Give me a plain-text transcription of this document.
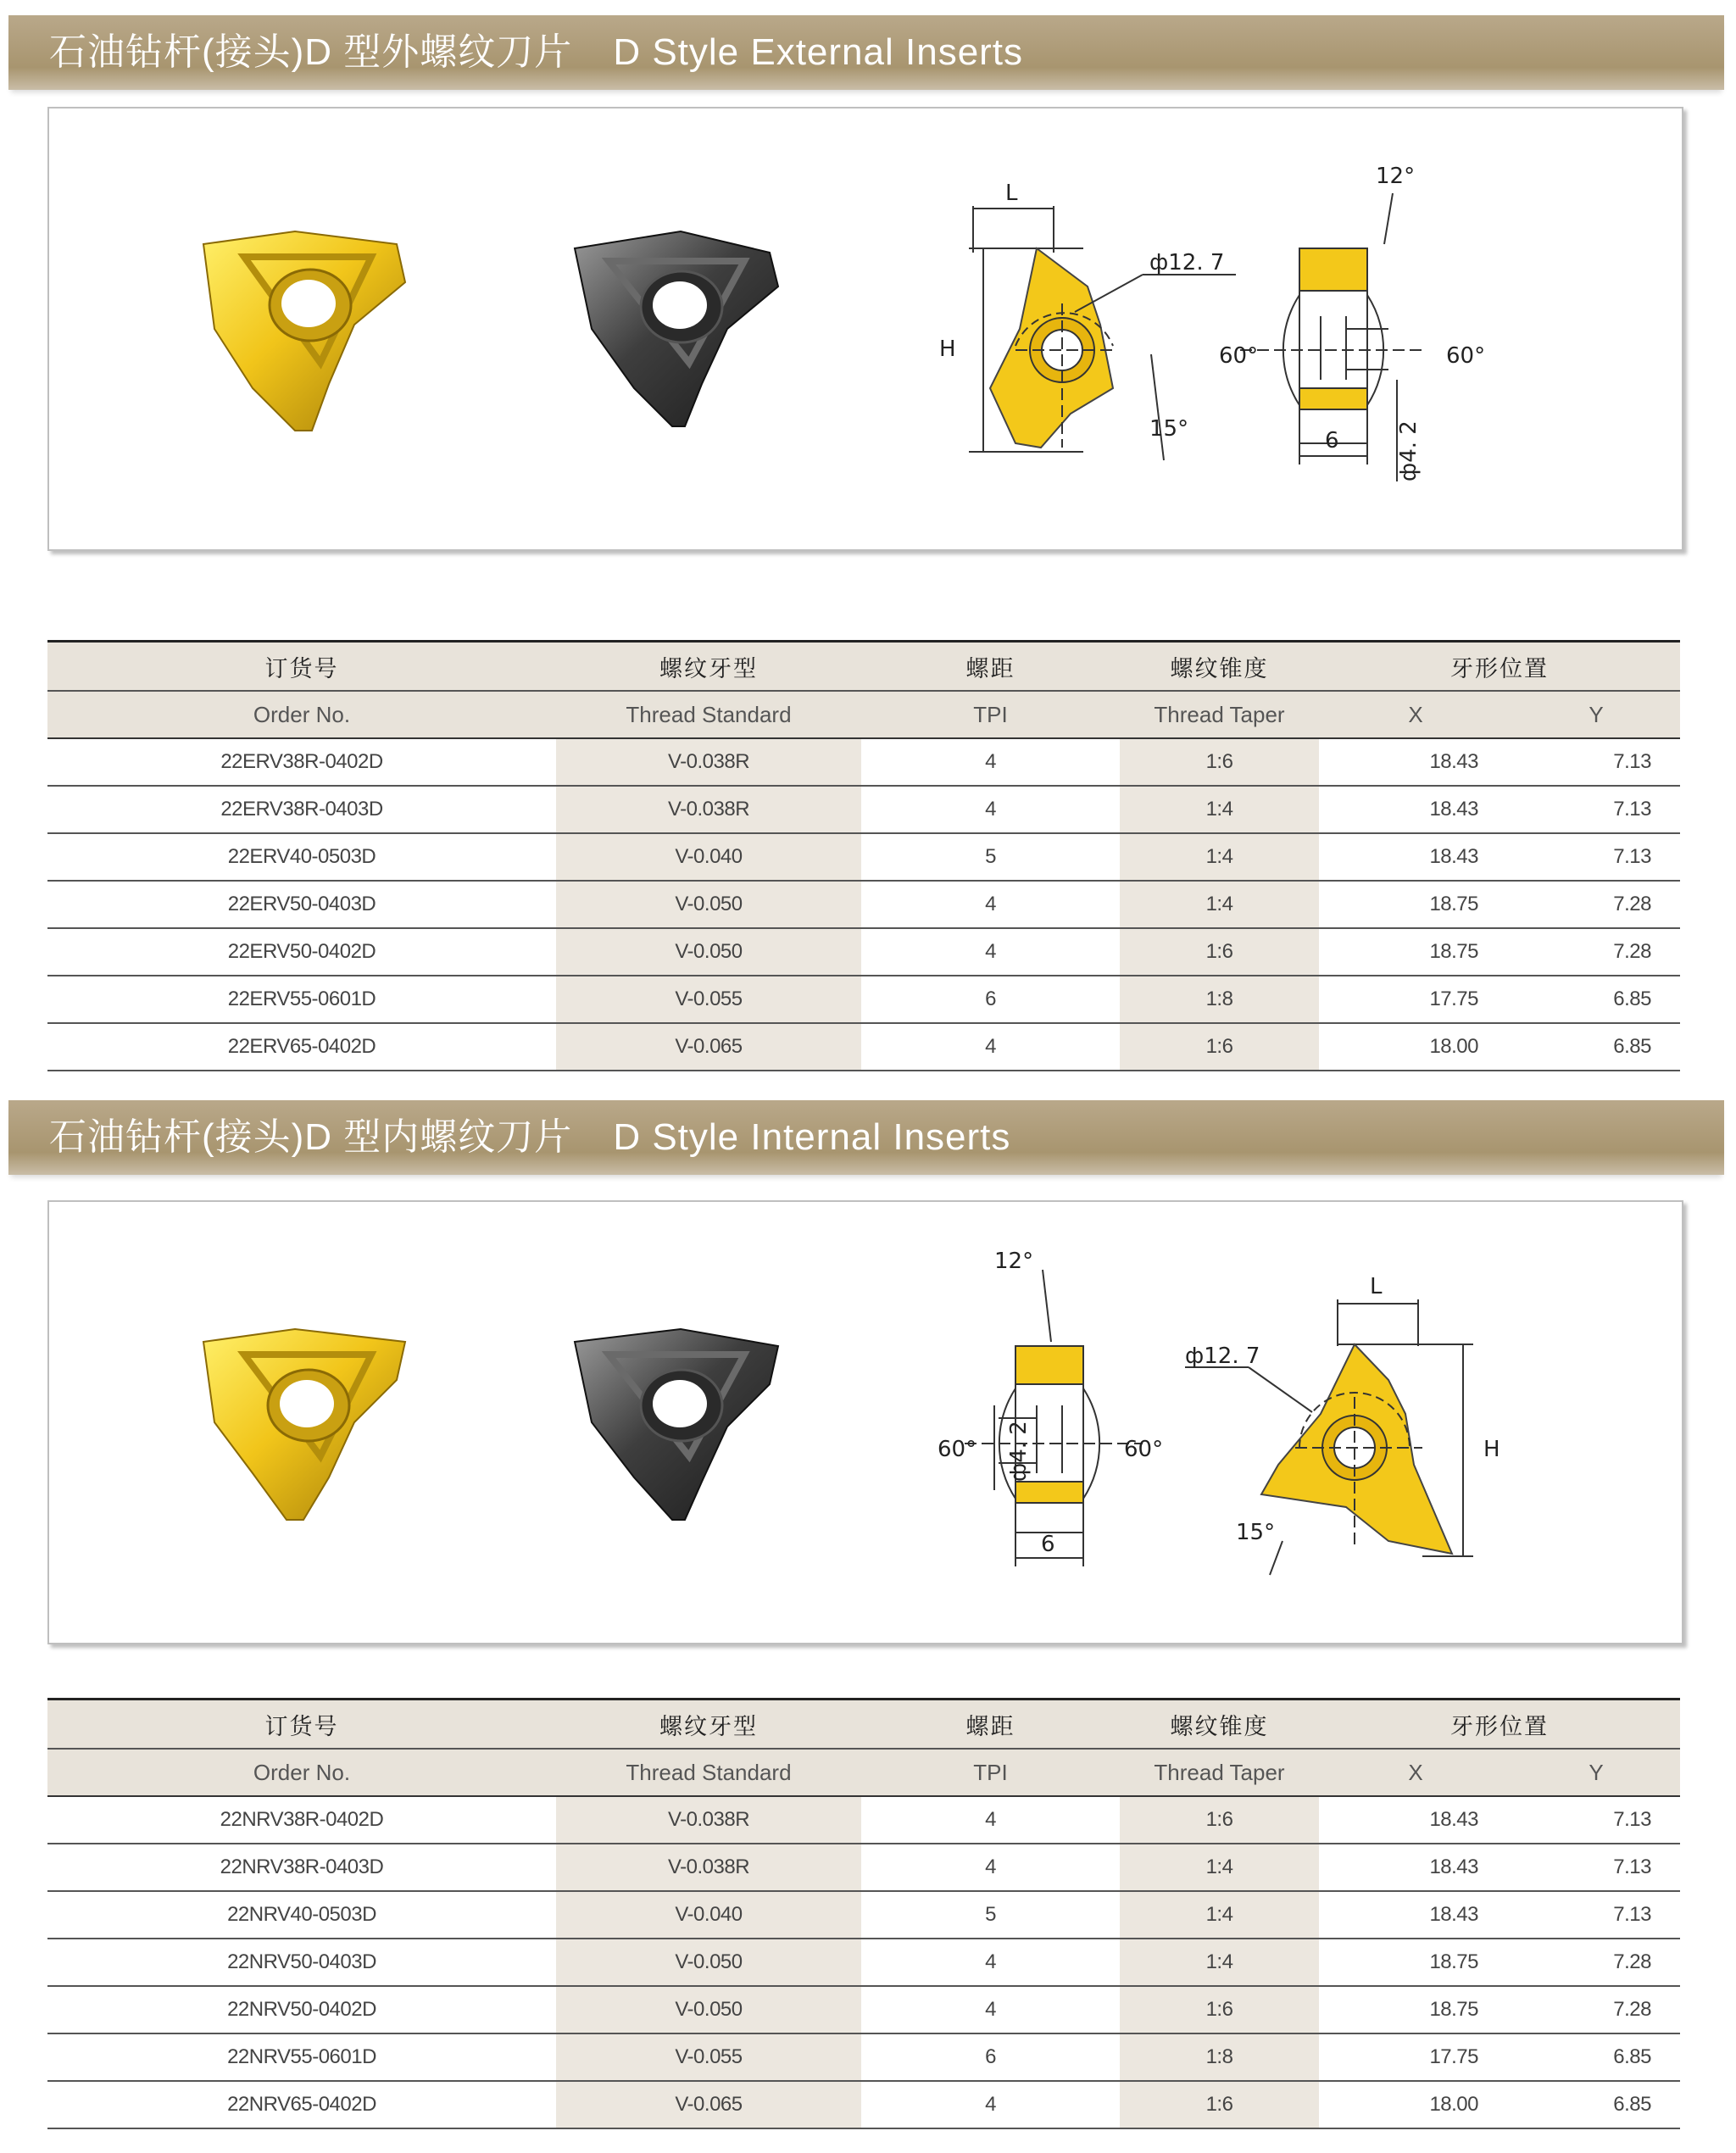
石油钻杆(接头)D 型外螺纹刀片 D Style External Inserts
L
H
ф12. 7
15°
12°
60°	60°
6	ф4. 2
订货号	螺纹牙型	螺距	螺纹锥度	牙形位置	
Order No.	Thread Standard	TPI	Thread Taper	X	Y
22ERV38R-0402D	V-0.038R	4	1:6	18.43	7.13
22ERV38R-0403D	V-0.038R	4	1:4	18.43	7.13
22ERV40-0503D	V-0.040	5	1:4	18.43	7.13
22ERV50-0403D	V-0.050	4	1:4	18.75	7.28
22ERV50-0402D	V-0.050	4	1:6	18.75	7.28
22ERV55-0601D	V-0.055	6	1:8	17.75	6.85
22ERV65-0402D	V-0.065	4	1:6	18.00	6.85
石油钻杆(接头)D 型内螺纹刀片 D Style Internal Inserts
12°
60°	60°
6
ф4. 2
L
H
ф12. 7
15°
订货号	螺纹牙型	螺距	螺纹锥度	牙形位置	
Order No.	Thread Standard	TPI	Thread Taper	X	Y
22NRV38R-0402D	V-0.038R	4	1:6	18.43	7.13
22NRV38R-0403D	V-0.038R	4	1:4	18.43	7.13
22NRV40-0503D	V-0.040	5	1:4	18.43	7.13
22NRV50-0403D	V-0.050	4	1:4	18.75	7.28
22NRV50-0402D	V-0.050	4	1:6	18.75	7.28
22NRV55-0601D	V-0.055	6	1:8	17.75	6.85
22NRV65-0402D	V-0.065	4	1:6	18.00	6.85
